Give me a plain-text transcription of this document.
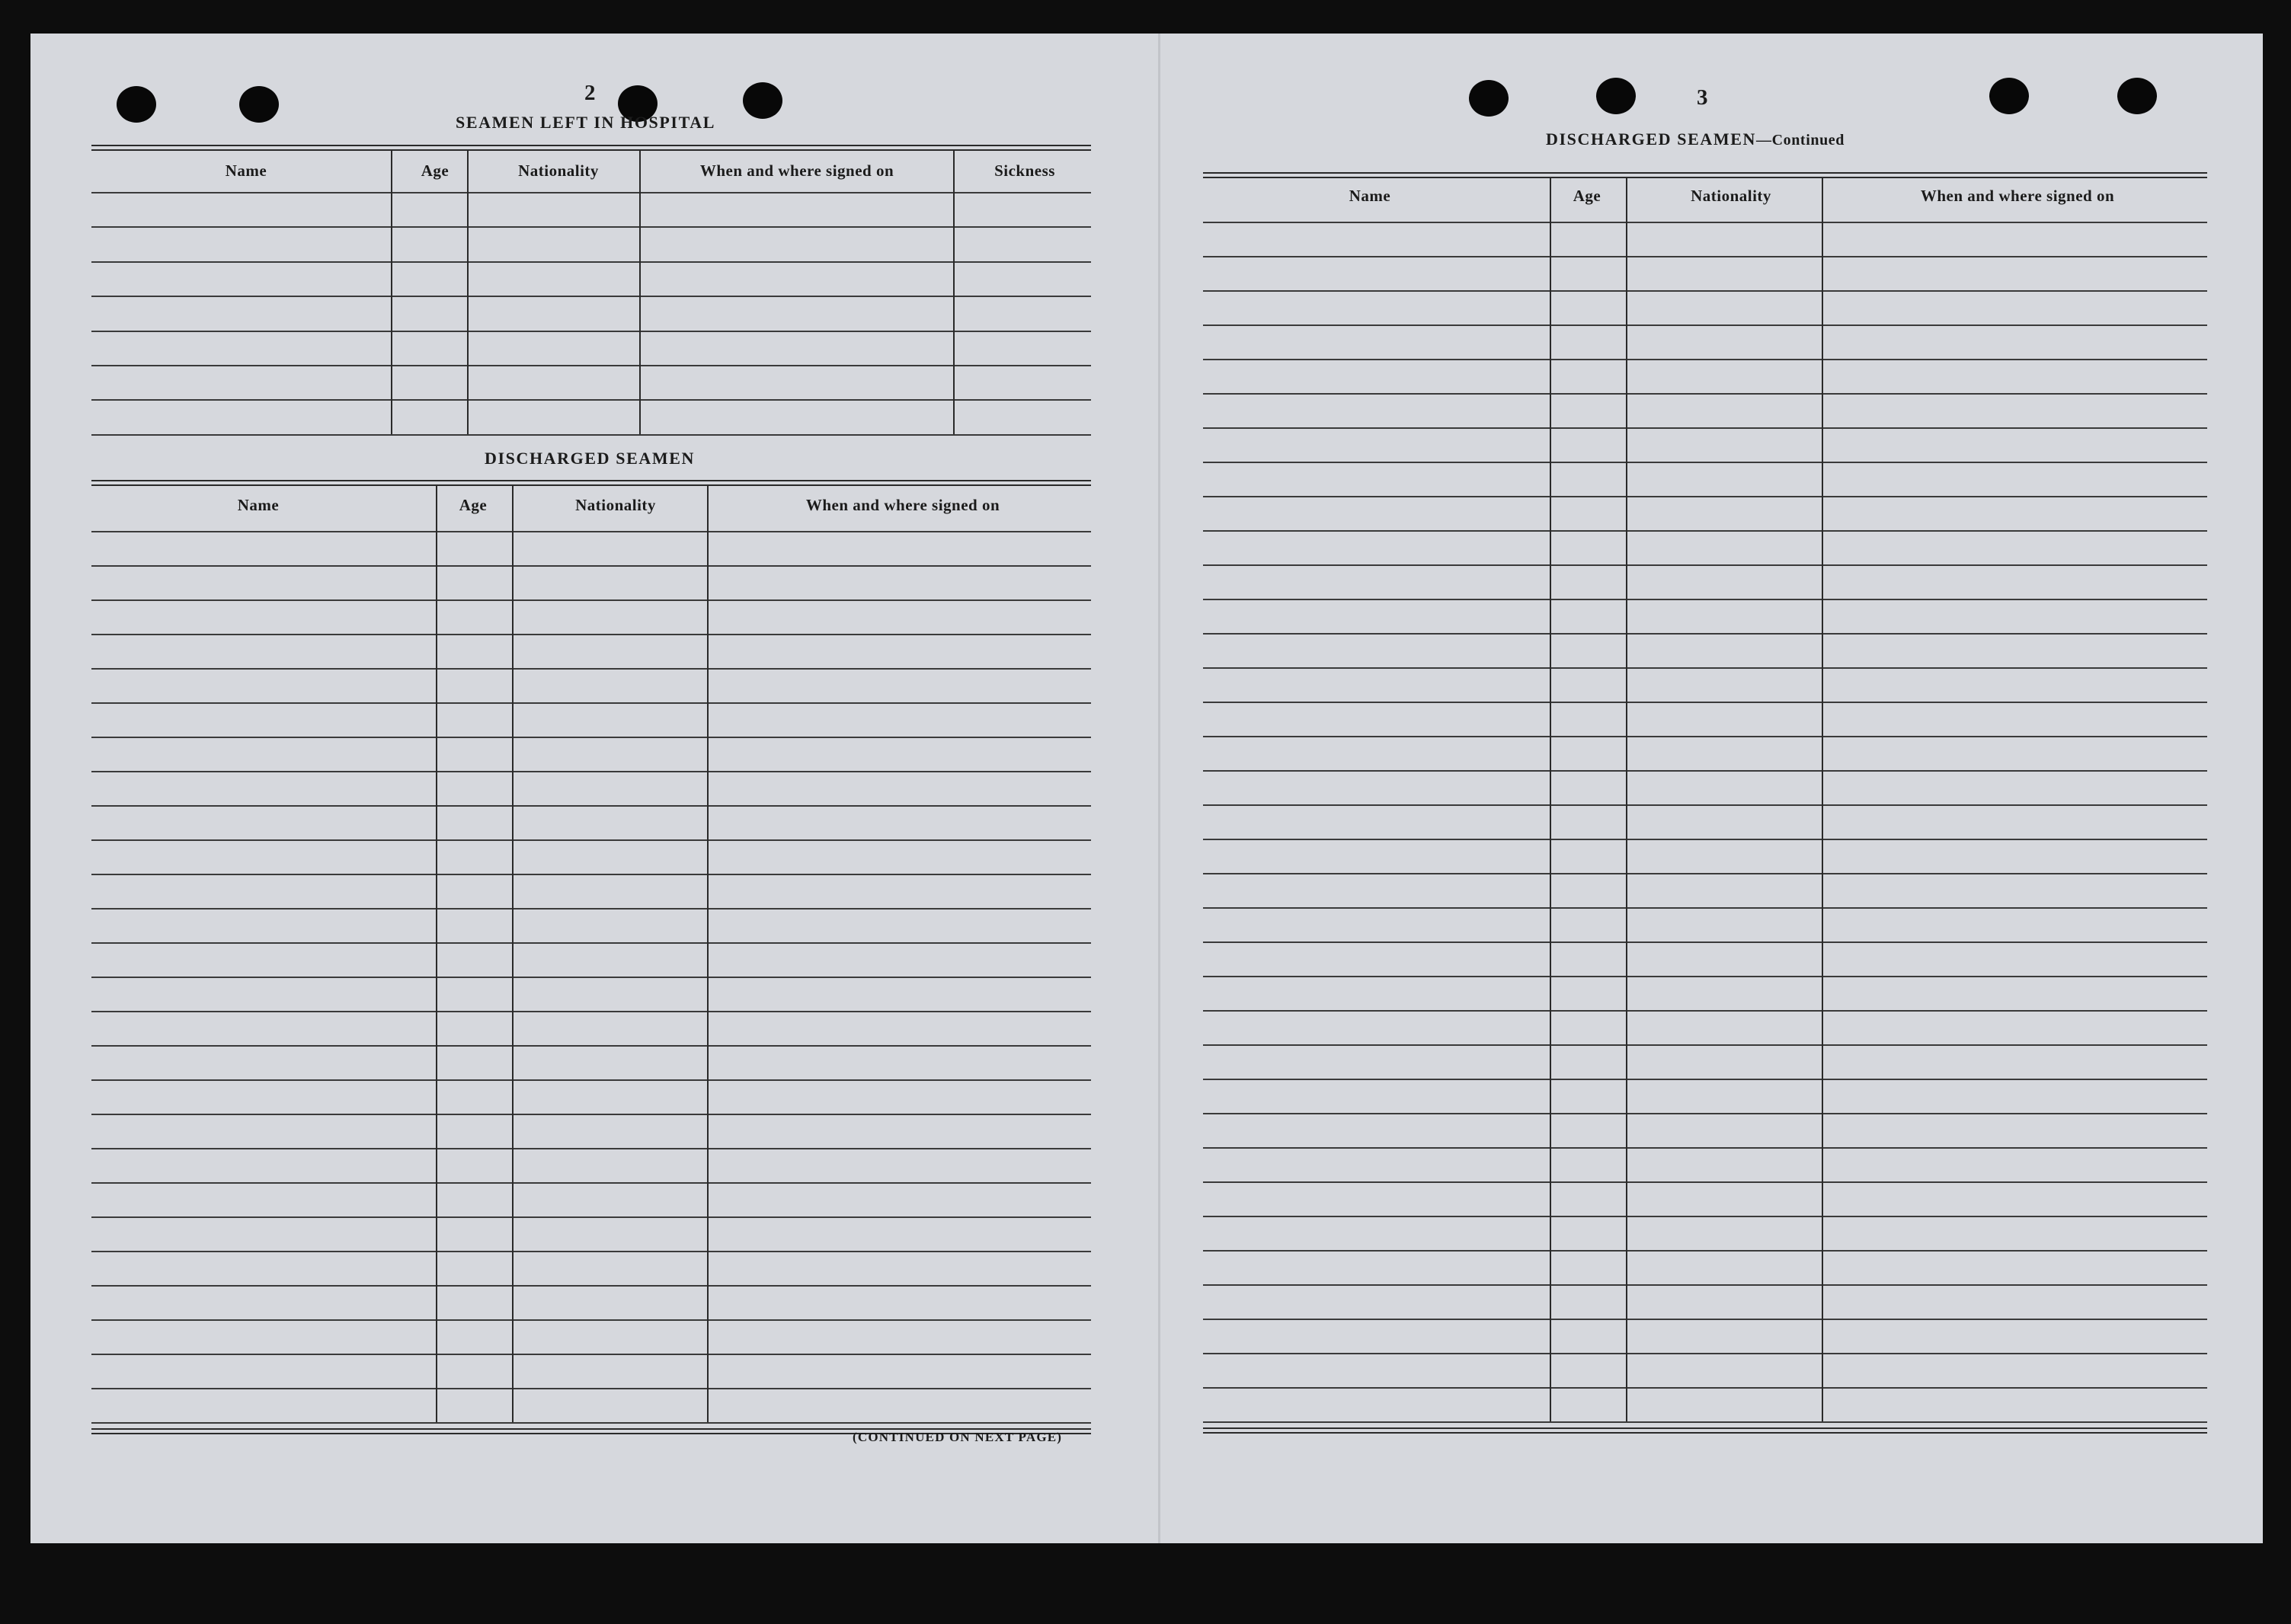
2
SEAMEN LEFT IN HOSPITAL
Name	Age	Nationality	When and where signed on	Sickness
DISCHARGED SEAMEN
Name	Age	Nationality	When and where signed on
(CONTINUED ON NEXT PAGE)
3
DISCHARGED SEAMEN—Continued
Name	Age	Nationality	When and where signed on
